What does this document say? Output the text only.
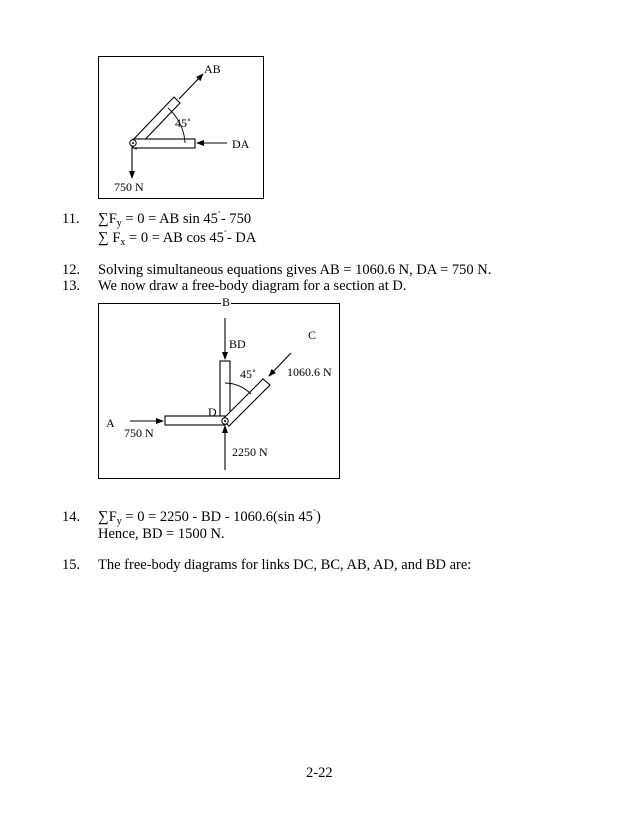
AB
45˚
DA
750 N
11. $\sum F_y = 0$ = AB sin 45˚- 750
∑ $F_x = 0$ = AB cos 45˚- DA
12. Solving simultaneous equations gives AB = 1060.6 N, DA = 750 N.
13. We now draw a free-body diagram for a section at D.
B
C
BD
45˚	1060.6 N
D
A
750 N
2250 N
14. $\sum F_y = 0 = 2250$ - BD - 1060.6(sin 45˚)
Hence, BD = 1500 N.
15. The free-body diagrams for links DC, BC, AB, AD, and BD are:
2-22
